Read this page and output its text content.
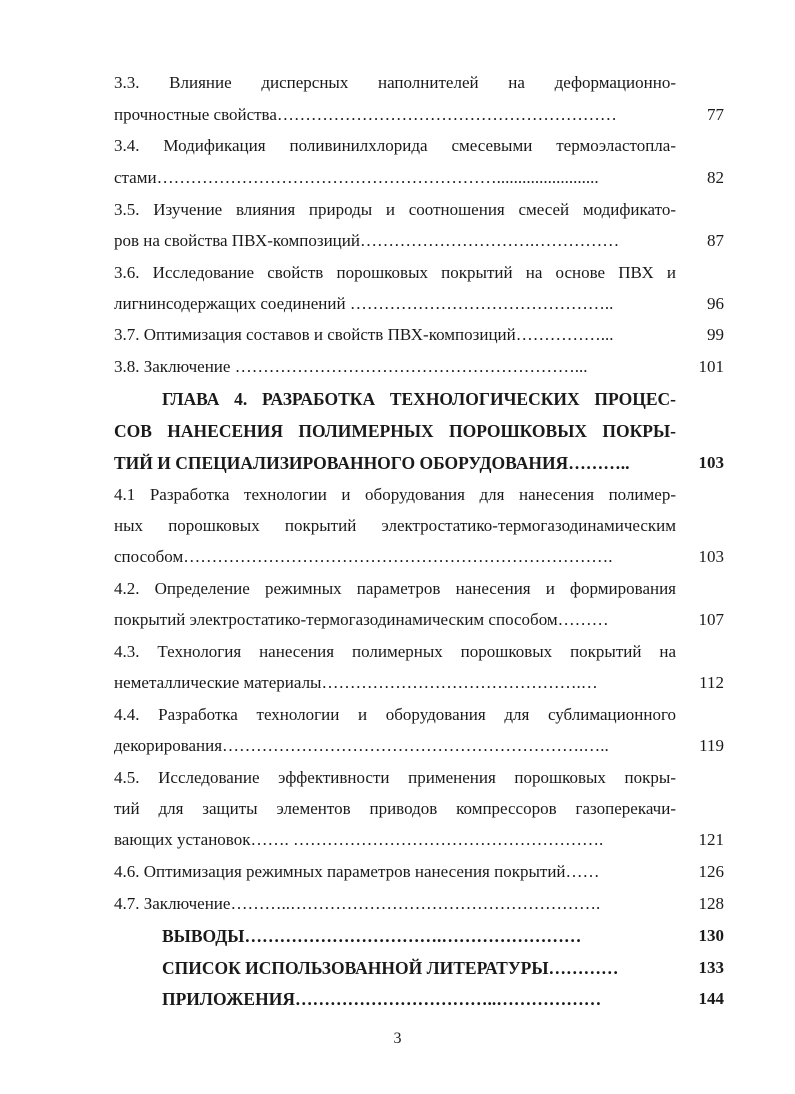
3.3. Влияние дисперсных наполнителей на деформационно-
прочностные свойства……………………………………………………	77
3.4. Модификация поливинилхлорида смесевыми термоэластопла-
стами……………………………………………………........................	82
3.5. Изучение влияния природы и соотношения смесей модификато-
ров на свойства ПВХ-композиций………………………….……………	87
3.6. Исследование свойств порошковых покрытий на основе ПВХ и
лигнинсодержащих соединений ………………………………………..	96
3.7. Оптимизация составов и свойств ПВХ-композиций……………...	99
3.8. Заключение ……………………………………………………...	101
ГЛАВА 4. РАЗРАБОТКА ТЕХНОЛОГИЧЕСКИХ ПРОЦЕС-
СОВ НАНЕСЕНИЯ ПОЛИМЕРНЫХ ПОРОШКОВЫХ ПОКРЫ-
ТИЙ И СПЕЦИАЛИЗИРОВАННОГО ОБОРУДОВАНИЯ………..	103
4.1 Разработка технологии и оборудования для нанесения полимер-
ных порошковых покрытий электростатико-термогазодинамическим
способом………………………………………………………………….	103
4.2. Определение режимных параметров нанесения и формирования
покрытий электростатико-термогазодинамическим способом………	107
4.3. Технология нанесения полимерных порошковых покрытий на
неметаллические материалы……………………………………….…	112
4.4. Разработка технологии и оборудования для сублимационного
декорирования……………………………………………………….…..	119
4.5. Исследование эффективности применения порошковых покры-
тий для защиты элементов приводов компрессоров газоперекачи-
вающих установок……. ……………………………………………….	121
4.6. Оптимизация режимных параметров нанесения покрытий……	126
4.7. Заключение………..……………………………………………….	128
ВЫВОДЫ…………………………….……………………	130
СПИСОК ИСПОЛЬЗОВАННОЙ ЛИТЕРАТУРЫ…………	133
ПРИЛОЖЕНИЯ……………………………..………………	144
3
